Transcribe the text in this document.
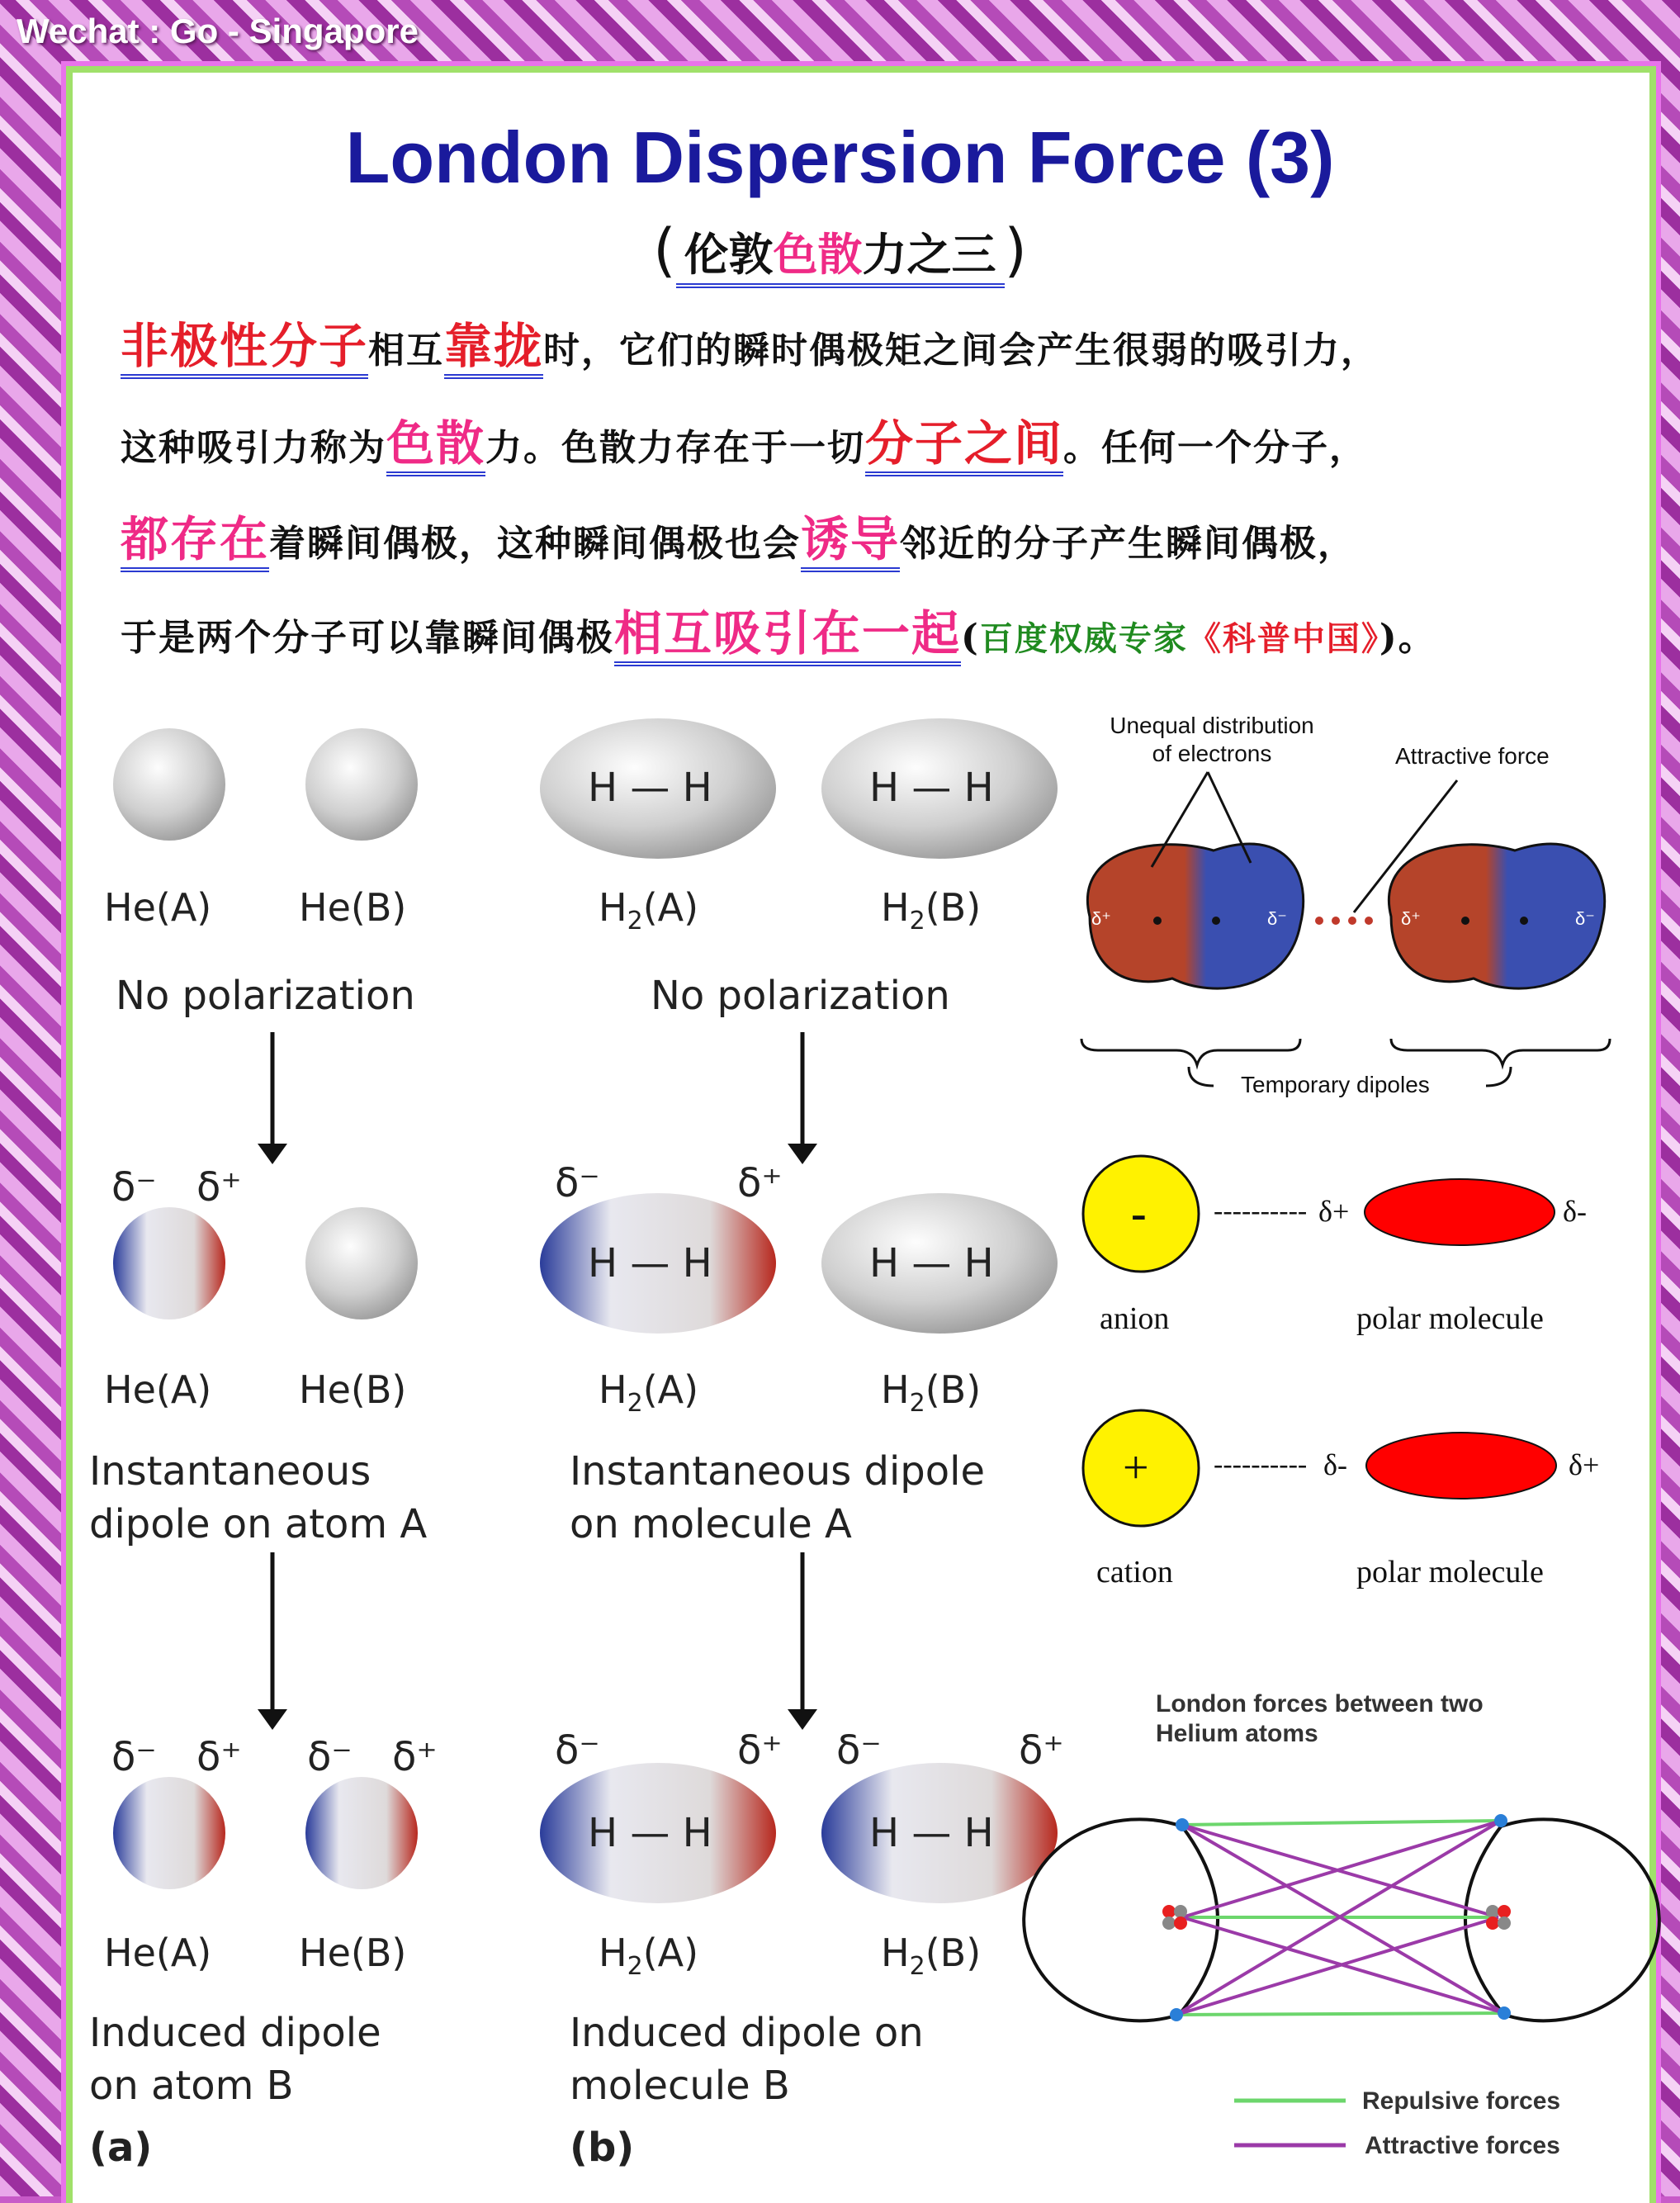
Wechat : Go - Singapore
London Dispersion Force (3)
( 伦敦色散力之三 )
非极性分子相互靠拢时，它们的瞬时偶极矩之间会产生很弱的吸引力，
这种吸引力称为色散力。色散力存在于一切分子之间。任何一个分子，
都存在着瞬间偶极，这种瞬间偶极也会诱导邻近的分子产生瞬间偶极，
于是两个分子可以靠瞬间偶极相互吸引在一起(百度权威专家《科普中国》)。
He(A) He(B)	$H_2(A)$	$H_2(B)$
H — H	H — H
No polarization	No polarization
δ⁻ δ⁺	δ⁻	δ⁺
H — H	H — H
He(A) He(B)	$H_2(A)$	$H_2(B)$
Instantaneous
dipole on atom A
Instantaneous dipole
on molecule A
δ⁻ δ⁺ δ⁻ δ⁺	δ⁻	δ⁺ δ⁻	δ⁺
H — H	H — H
He(A) He(B)	$H_2(A)$	$H_2(B)$
Induced dipole
on atom B
Induced dipole on
molecule B
(a)	(b)
Unequal distribution
of electrons	Attractive force
Temporary dipoles
δ⁺	δ⁻	δ⁺	δ⁻
- ---------- δ+	δ-
anion	polar molecule
+ ---------- δ-	δ+
cation	polar molecule
London forces between two
Helium atoms
Repulsive forces
Attractive forces
